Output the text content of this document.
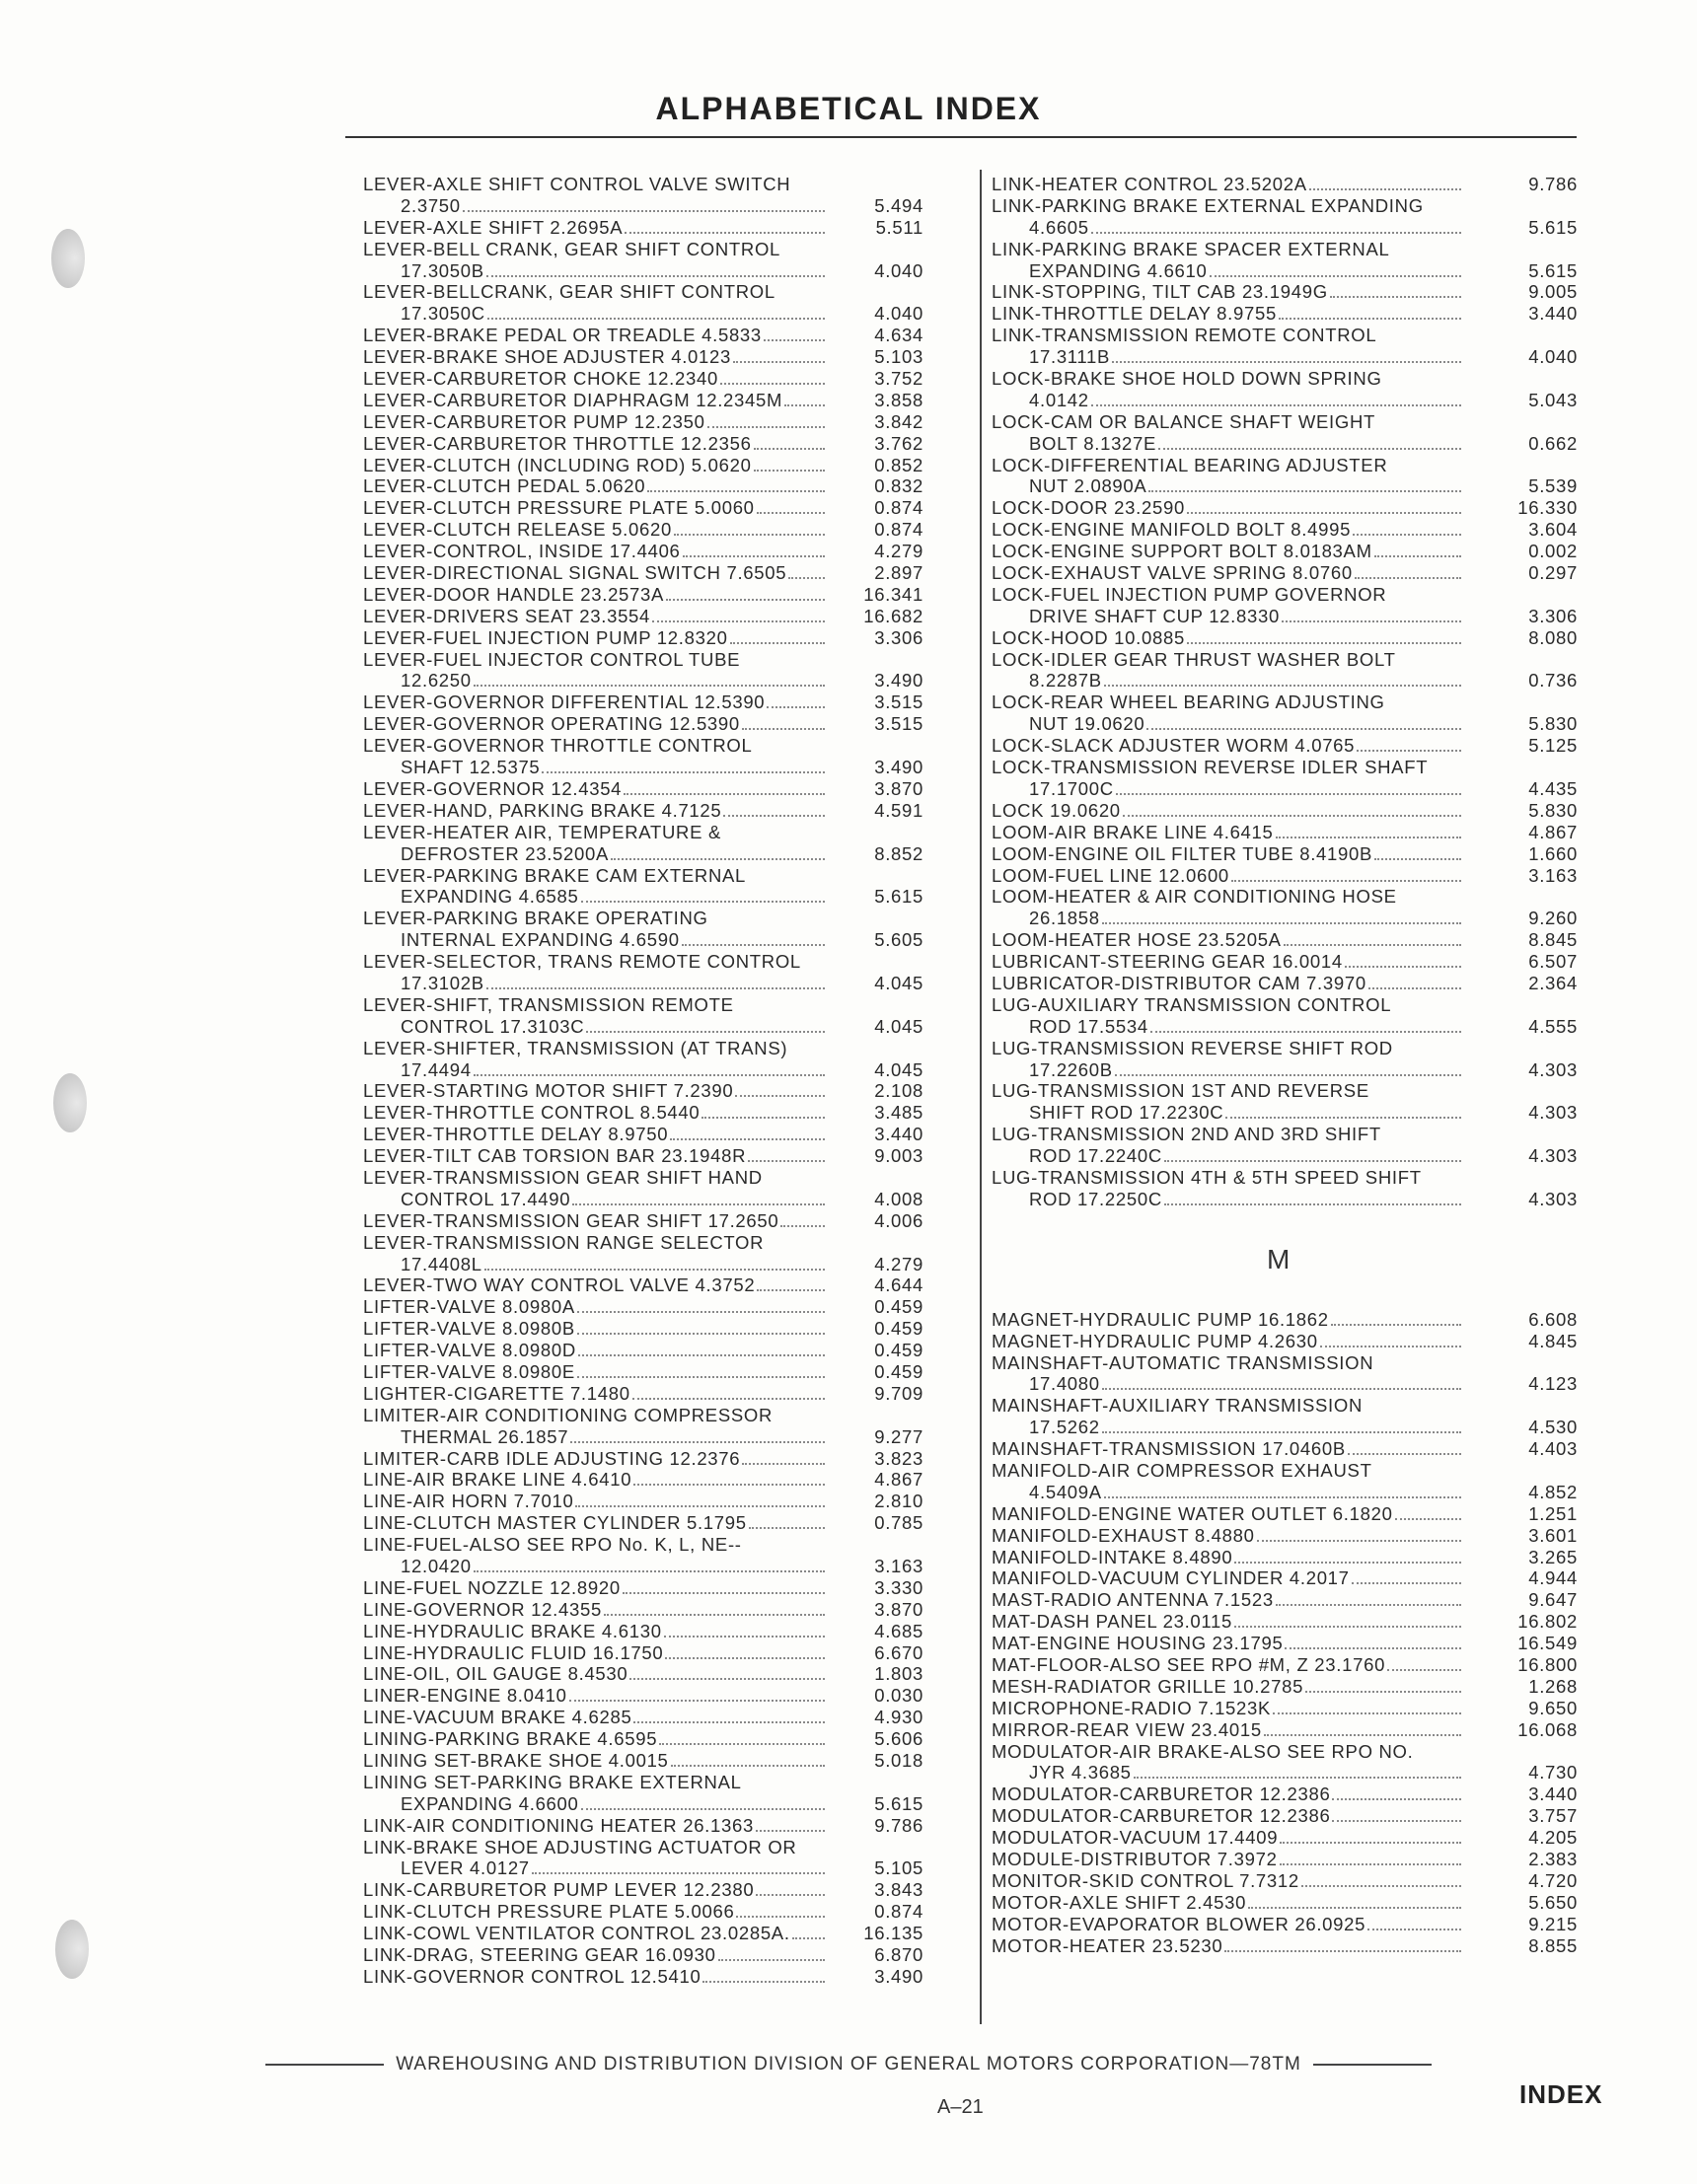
ALPHABETICAL INDEX
LEVER-AXLE SHIFT CONTROL VALVE SWITCH
2.3750	5.494
LEVER-AXLE SHIFT 2.2695A	5.511
LEVER-BELL CRANK, GEAR SHIFT CONTROL
17.3050B	4.040
LEVER-BELLCRANK, GEAR SHIFT CONTROL
17.3050C	4.040
LEVER-BRAKE PEDAL OR TREADLE 4.5833	4.634
LEVER-BRAKE SHOE ADJUSTER 4.0123	5.103
LEVER-CARBURETOR CHOKE 12.2340	3.752
LEVER-CARBURETOR DIAPHRAGM 12.2345M	3.858
LEVER-CARBURETOR PUMP 12.2350	3.842
LEVER-CARBURETOR THROTTLE 12.2356	3.762
LEVER-CLUTCH (INCLUDING ROD) 5.0620	0.852
LEVER-CLUTCH PEDAL 5.0620	0.832
LEVER-CLUTCH PRESSURE PLATE 5.0060	0.874
LEVER-CLUTCH RELEASE 5.0620	0.874
LEVER-CONTROL, INSIDE 17.4406	4.279
LEVER-DIRECTIONAL SIGNAL SWITCH 7.6505	2.897
LEVER-DOOR HANDLE 23.2573A	16.341
LEVER-DRIVERS SEAT 23.3554	16.682
LEVER-FUEL INJECTION PUMP 12.8320	3.306
LEVER-FUEL INJECTOR CONTROL TUBE
12.6250	3.490
LEVER-GOVERNOR DIFFERENTIAL 12.5390	3.515
LEVER-GOVERNOR OPERATING 12.5390	3.515
LEVER-GOVERNOR THROTTLE CONTROL
SHAFT 12.5375	3.490
LEVER-GOVERNOR 12.4354	3.870
LEVER-HAND, PARKING BRAKE 4.7125	4.591
LEVER-HEATER AIR, TEMPERATURE &
DEFROSTER 23.5200A	8.852
LEVER-PARKING BRAKE CAM EXTERNAL
EXPANDING 4.6585	5.615
LEVER-PARKING BRAKE OPERATING
INTERNAL EXPANDING 4.6590	5.605
LEVER-SELECTOR, TRANS REMOTE CONTROL
17.3102B	4.045
LEVER-SHIFT, TRANSMISSION REMOTE
CONTROL 17.3103C	4.045
LEVER-SHIFTER, TRANSMISSION (AT TRANS)
17.4494	4.045
LEVER-STARTING MOTOR SHIFT 7.2390	2.108
LEVER-THROTTLE CONTROL 8.5440	3.485
LEVER-THROTTLE DELAY 8.9750	3.440
LEVER-TILT CAB TORSION BAR 23.1948R	9.003
LEVER-TRANSMISSION GEAR SHIFT HAND
CONTROL 17.4490	4.008
LEVER-TRANSMISSION GEAR SHIFT 17.2650	4.006
LEVER-TRANSMISSION RANGE SELECTOR
17.4408L	4.279
LEVER-TWO WAY CONTROL VALVE 4.3752	4.644
LIFTER-VALVE 8.0980A	0.459
LIFTER-VALVE 8.0980B	0.459
LIFTER-VALVE 8.0980D	0.459
LIFTER-VALVE 8.0980E	0.459
LIGHTER-CIGARETTE 7.1480	9.709
LIMITER-AIR CONDITIONING COMPRESSOR
THERMAL 26.1857	9.277
LIMITER-CARB IDLE ADJUSTING 12.2376	3.823
LINE-AIR BRAKE LINE 4.6410	4.867
LINE-AIR HORN 7.7010	2.810
LINE-CLUTCH MASTER CYLINDER 5.1795	0.785
LINE-FUEL-ALSO SEE RPO No. K, L, NE--
12.0420	3.163
LINE-FUEL NOZZLE 12.8920	3.330
LINE-GOVERNOR 12.4355	3.870
LINE-HYDRAULIC BRAKE 4.6130	4.685
LINE-HYDRAULIC FLUID 16.1750	6.670
LINE-OIL, OIL GAUGE 8.4530	1.803
LINER-ENGINE 8.0410	0.030
LINE-VACUUM BRAKE 4.6285	4.930
LINING-PARKING BRAKE 4.6595	5.606
LINING SET-BRAKE SHOE 4.0015	5.018
LINING SET-PARKING BRAKE EXTERNAL
EXPANDING 4.6600	5.615
LINK-AIR CONDITIONING HEATER 26.1363	9.786
LINK-BRAKE SHOE ADJUSTING ACTUATOR OR
LEVER 4.0127	5.105
LINK-CARBURETOR PUMP LEVER 12.2380	3.843
LINK-CLUTCH PRESSURE PLATE 5.0066	0.874
LINK-COWL VENTILATOR CONTROL 23.0285A.	16.135
LINK-DRAG, STEERING GEAR 16.0930	6.870
LINK-GOVERNOR CONTROL 12.5410	3.490
LINK-HEATER CONTROL 23.5202A	9.786
LINK-PARKING BRAKE EXTERNAL EXPANDING
4.6605	5.615
LINK-PARKING BRAKE SPACER EXTERNAL
EXPANDING 4.6610	5.615
LINK-STOPPING, TILT CAB 23.1949G	9.005
LINK-THROTTLE DELAY 8.9755	3.440
LINK-TRANSMISSION REMOTE CONTROL
17.3111B	4.040
LOCK-BRAKE SHOE HOLD DOWN SPRING
4.0142	5.043
LOCK-CAM OR BALANCE SHAFT WEIGHT
BOLT 8.1327E	0.662
LOCK-DIFFERENTIAL BEARING ADJUSTER
NUT 2.0890A	5.539
LOCK-DOOR 23.2590	16.330
LOCK-ENGINE MANIFOLD BOLT 8.4995	3.604
LOCK-ENGINE SUPPORT BOLT 8.0183AM	0.002
LOCK-EXHAUST VALVE SPRING 8.0760	0.297
LOCK-FUEL INJECTION PUMP GOVERNOR
DRIVE SHAFT CUP 12.8330	3.306
LOCK-HOOD 10.0885	8.080
LOCK-IDLER GEAR THRUST WASHER BOLT
8.2287B	0.736
LOCK-REAR WHEEL BEARING ADJUSTING
NUT 19.0620	5.830
LOCK-SLACK ADJUSTER WORM 4.0765	5.125
LOCK-TRANSMISSION REVERSE IDLER SHAFT
17.1700C	4.435
LOCK 19.0620	5.830
LOOM-AIR BRAKE LINE 4.6415	4.867
LOOM-ENGINE OIL FILTER TUBE 8.4190B	1.660
LOOM-FUEL LINE 12.0600	3.163
LOOM-HEATER & AIR CONDITIONING HOSE
26.1858	9.260
LOOM-HEATER HOSE 23.5205A	8.845
LUBRICANT-STEERING GEAR 16.0014	6.507
LUBRICATOR-DISTRIBUTOR CAM 7.3970	2.364
LUG-AUXILIARY TRANSMISSION CONTROL
ROD 17.5534	4.555
LUG-TRANSMISSION REVERSE SHIFT ROD
17.2260B	4.303
LUG-TRANSMISSION 1ST AND REVERSE
SHIFT ROD 17.2230C	4.303
LUG-TRANSMISSION 2ND AND 3RD SHIFT
ROD 17.2240C	4.303
LUG-TRANSMISSION 4TH & 5TH SPEED SHIFT
ROD 17.2250C	4.303
M
MAGNET-HYDRAULIC PUMP 16.1862	6.608
MAGNET-HYDRAULIC PUMP 4.2630	4.845
MAINSHAFT-AUTOMATIC TRANSMISSION
17.4080	4.123
MAINSHAFT-AUXILIARY TRANSMISSION
17.5262	4.530
MAINSHAFT-TRANSMISSION 17.0460B	4.403
MANIFOLD-AIR COMPRESSOR EXHAUST
4.5409A	4.852
MANIFOLD-ENGINE WATER OUTLET 6.1820	1.251
MANIFOLD-EXHAUST 8.4880	3.601
MANIFOLD-INTAKE 8.4890	3.265
MANIFOLD-VACUUM CYLINDER 4.2017	4.944
MAST-RADIO ANTENNA 7.1523	9.647
MAT-DASH PANEL 23.0115	16.802
MAT-ENGINE HOUSING 23.1795	16.549
MAT-FLOOR-ALSO SEE RPO #M, Z 23.1760	16.800
MESH-RADIATOR GRILLE 10.2785	1.268
MICROPHONE-RADIO 7.1523K	9.650
MIRROR-REAR VIEW 23.4015	16.068
MODULATOR-AIR BRAKE-ALSO SEE RPO NO.
JYR 4.3685	4.730
MODULATOR-CARBURETOR 12.2386	3.440
MODULATOR-CARBURETOR 12.2386	3.757
MODULATOR-VACUUM 17.4409	4.205
MODULE-DISTRIBUTOR 7.3972	2.383
MONITOR-SKID CONTROL 7.7312	4.720
MOTOR-AXLE SHIFT 2.4530	5.650
MOTOR-EVAPORATOR BLOWER 26.0925	9.215
MOTOR-HEATER 23.5230	8.855
WAREHOUSING AND DISTRIBUTION DIVISION OF GENERAL MOTORS CORPORATION—78TM
A–21	INDEX
